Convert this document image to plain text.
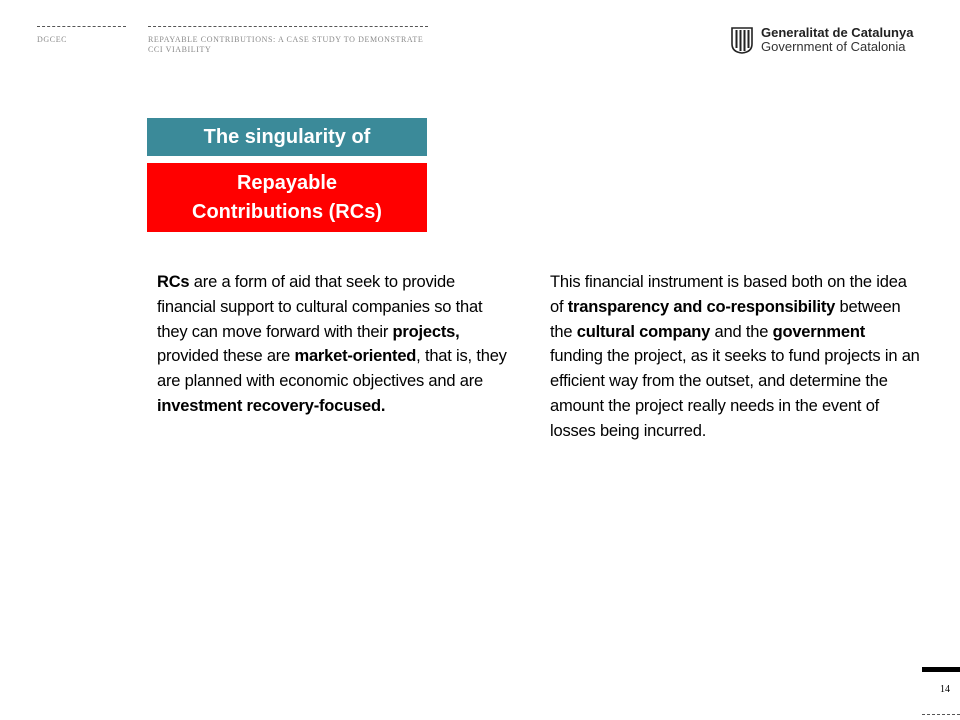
DGCEC	REPAYABLE CONTRIBUTIONS: A CASE STUDY TO DEMONSTRATE CCI VIABILITY
Generalitat de Catalunya
Government of Catalonia
The singularity of
Repayable
Contributions (RCs)
RCs are a form of aid that seek to provide financial support to cultural companies so that they can move forward with their projects, provided these are market-oriented, that is, they are planned with economic objectives and are investment recovery-focused.
This financial instrument is based both on the idea of transparency and co-responsibility between the cultural company and the government funding the project, as it seeks to fund projects in an efficient way from the outset, and determine the amount the project really needs in the event of losses being incurred.
14
